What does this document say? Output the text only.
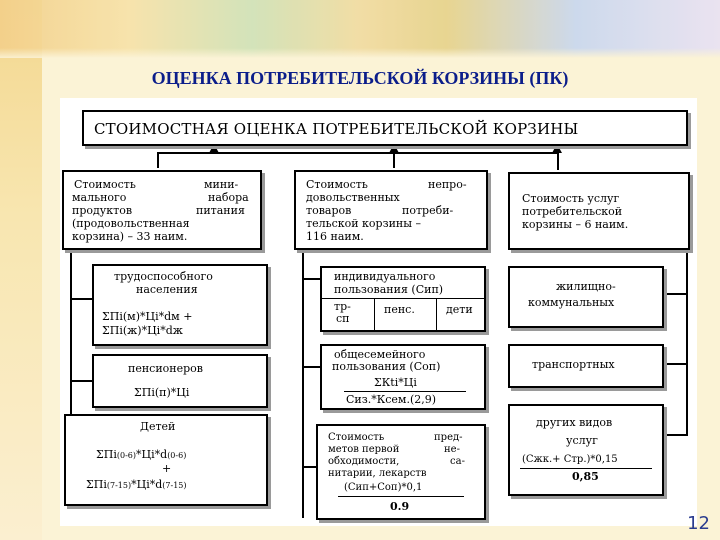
ОЦЕНКА ПОТРЕБИТЕЛЬСКОЙ КОРЗИНЫ (ПК)
СТОИМОСТНАЯ ОЦЕНКА ПОТРЕБИТЕЛЬСКОЙ КОРЗИНЫ
Стоимость	мини-
мального	набора
продуктов	питания
(продовольственная
корзина) – 33 наим.
Стоимость	непро-
довольственных
товаров	потреби-
тельской корзины –
116 наим.
Стоимость услуг
потребительской
корзины – 6 наим.
трудоспособного
населения
ΣПi(м)*Цi*dм +
ΣПi(ж)*Цi*dж
пенсионеров
ΣПi(п)*Цi
Детей
ΣПi(0-6)*Цi*d(0-6)
+
ΣПi(7-15)*Цi*d(7-15)
индивидуального
пользования (Сип)
тр-
сп
пенс.	дети
общесемейного
пользования (Соп)
ΣКti*Цi
Сиз.*Ксем.(2,9)
Стоимость	пред-
метов первой	не-
обходимости,	са-
нитарии, лекарств
(Сип+Соп)*0,1
0.9
жилищно-
коммунальных
транспортных
других видов
услуг
(Сжк.+ Стр.)*0,15
0,85
12
